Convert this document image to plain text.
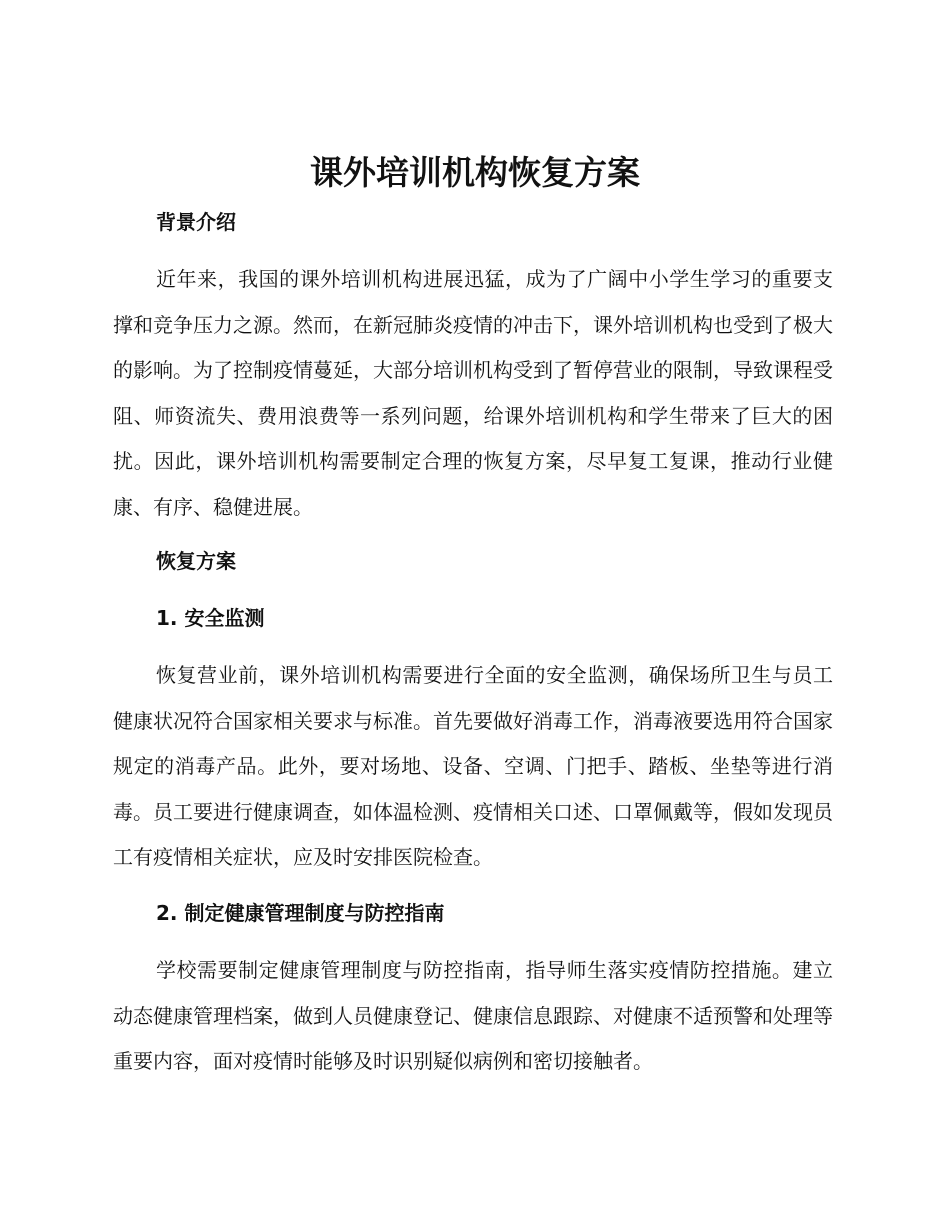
课外培训机构恢复方案
背景介绍
近年来，我国的课外培训机构进展迅猛，成为了广阔中小学生学习的重要支撑和竞争压力之源。然而，在新冠肺炎疫情的冲击下，课外培训机构也受到了极大的影响。为了控制疫情蔓延，大部分培训机构受到了暂停营业的限制，导致课程受阻、师资流失、费用浪费等一系列问题，给课外培训机构和学生带来了巨大的困扰。因此，课外培训机构需要制定合理的恢复方案，尽早复工复课，推动行业健康、有序、稳健进展。
恢复方案
1. 安全监测
恢复营业前，课外培训机构需要进行全面的安全监测，确保场所卫生与员工健康状况符合国家相关要求与标准。首先要做好消毒工作，消毒液要选用符合国家规定的消毒产品。此外，要对场地、设备、空调、门把手、踏板、坐垫等进行消毒。员工要进行健康调查，如体温检测、疫情相关口述、口罩佩戴等，假如发现员工有疫情相关症状，应及时安排医院检查。
2. 制定健康管理制度与防控指南
学校需要制定健康管理制度与防控指南，指导师生落实疫情防控措施。建立动态健康管理档案，做到人员健康登记、健康信息跟踪、对健康不适预警和处理等重要内容，面对疫情时能够及时识别疑似病例和密切接触者。
